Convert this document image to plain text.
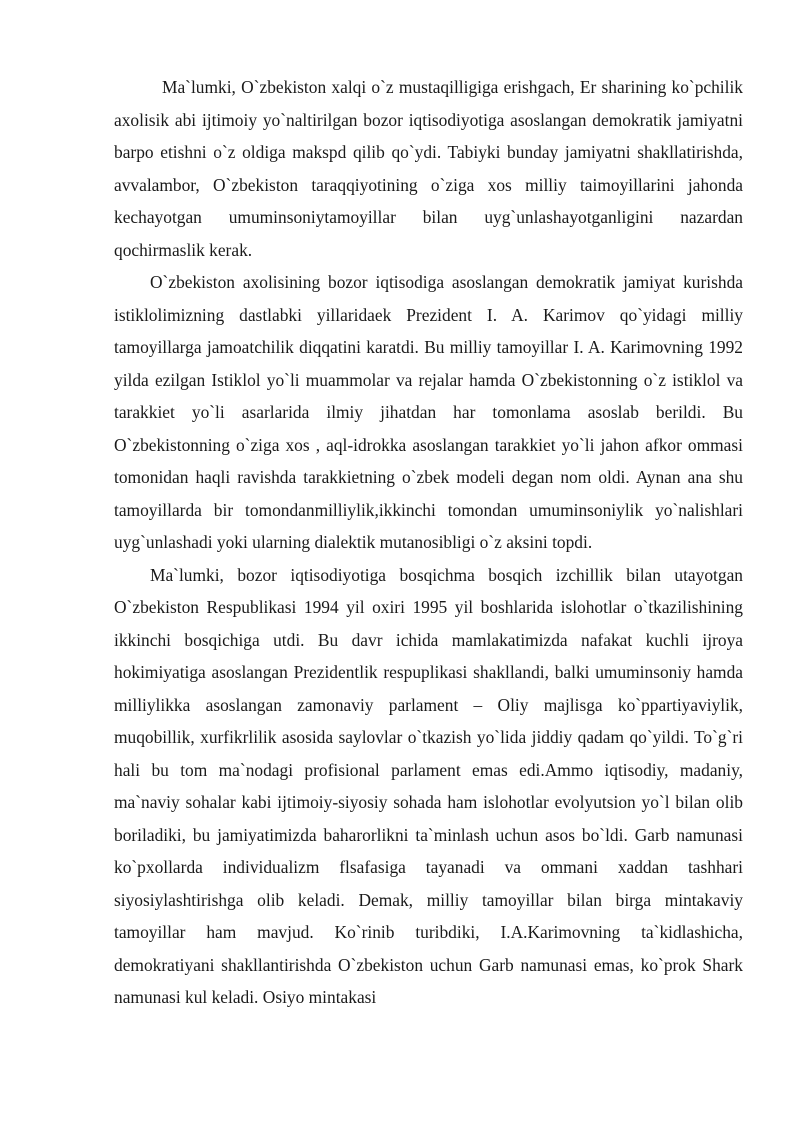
Ma`lumki, O`zbekiston xalqi o`z mustaqilligiga erishgach, Er sharining ko`pchilik axolisik abi ijtimoiy yo`naltirilgan bozor iqtisodiyotiga asoslangan demokratik jamiyatni barpo etishni o`z oldiga makspd qilib qo`ydi. Tabiyki bunday jamiyatni shakllatirishda, avvalambor, O`zbekiston taraqqiyotining o`ziga xos milliy taimoyillarini jahonda kechayotgan umuminsoniytamoyillar bilan uyg`unlashayotganligini nazardan qochirmaslik kerak.

O`zbekiston axolisining bozor iqtisodiga asoslangan demokratik jamiyat kurishda istiklolimizning dastlabki yillaridaek Prezident I. A. Karimov qo`yidagi milliy tamoyillarga jamoatchilik diqqatini karatdi. Bu milliy tamoyillar I. A. Karimovning 1992 yilda ezilgan Istiklol yo`li muammolar va rejalar hamda O`zbekistonning o`z istiklol va tarakkiet yo`li asarlarida ilmiy jihatdan har tomonlama asoslab berildi. Bu O`zbekistonning o`ziga xos , aql-idrokka asoslangan tarakkiet yo`li jahon afkor ommasi tomonidan haqli ravishda tarakkietning o`zbek modeli degan nom oldi. Aynan ana shu tamoyillarda bir tomondanmilliylik,ikkinchi tomondan umuminsoniylik yo`nalishlari uyg`unlashadi yoki ularning dialektik mutanosibligi o`z aksini topdi.

Ma`lumki, bozor iqtisodiyotiga bosqichma bosqich izchillik bilan utayotgan O`zbekiston Respublikasi 1994 yil oxiri 1995 yil boshlarida islohotlar o`tkazilishining ikkinchi bosqichiga utdi. Bu davr ichida mamlakatimizda nafakat kuchli ijroya hokimiyatiga asoslangan Prezidentlik respuplikasi shakllandi, balki umuminsoniy hamda milliylikka asoslangan zamonaviy parlament – Oliy majlisga ko`ppartiyaviylik, muqobillik, xurfikrlilik asosida saylovlar o`tkazish yo`lida jiddiy qadam qo`yildi. To`g`ri hali bu tom ma`nodagi profisional parlament emas edi.Ammo iqtisodiy, madaniy, ma`naviy sohalar kabi ijtimoiy-siyosiy sohada ham islohotlar evolyutsion yo`l bilan olib boriladiki, bu jamiyatimizda baharorlikni ta`minlash uchun asos bo`ldi. Garb namunasi ko`pxollarda individualizm flsafasiga tayanadi va ommani xaddan tashhari siyosiylashtirishga olib keladi. Demak, milliy tamoyillar bilan birga mintakaviy tamoyillar ham mavjud. Ko`rinib turibdiki, I.A.Karimovning ta`kidlashicha, demokratiyani shakllantirishda O`zbekiston uchun Garb namunasi emas, ko`prok Shark namunasi kul keladi. Osiyo mintakasi
